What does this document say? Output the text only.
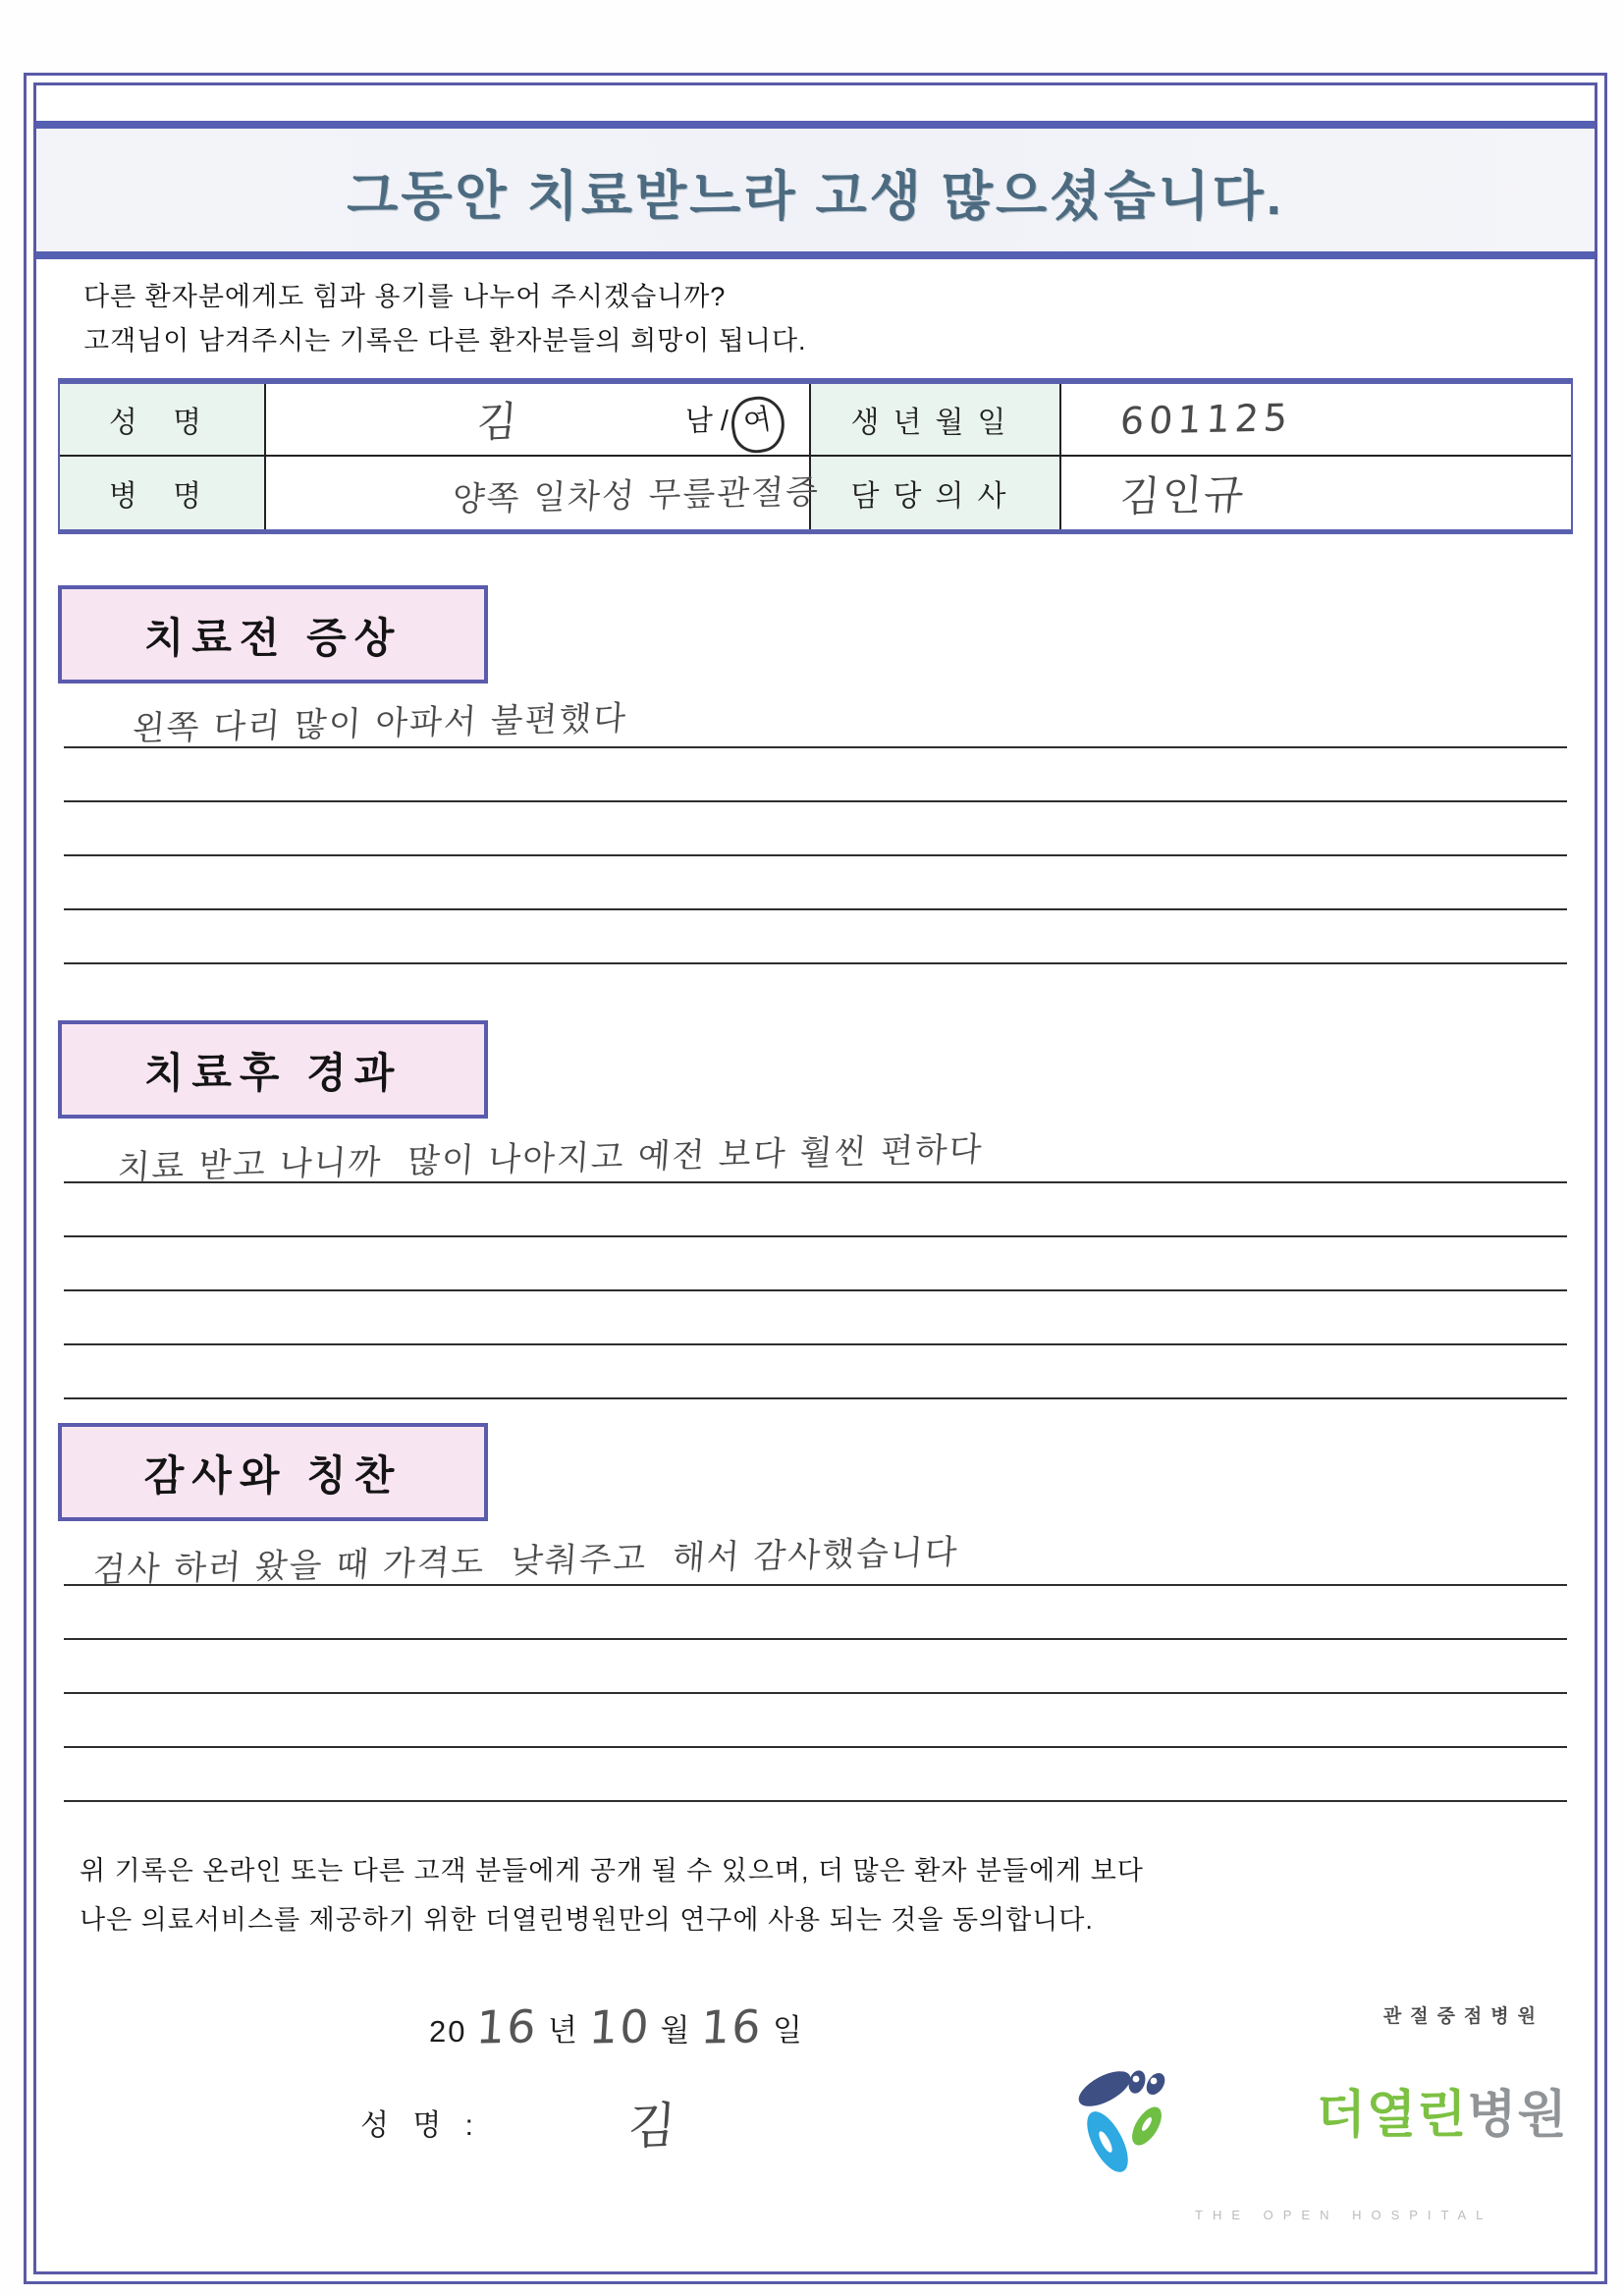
그동안 치료받느라 고생 많으셨습니다.
다른 환자분에게도 힘과 용기를 나누어 주시겠습니까?
고객님이 남겨주시는 기록은 다른 환자분들의 희망이 됩니다.
성 명	김	남 / 여	생년월일	601125
병 명	양쪽 일차성 무릎관절증	담당의사	김인규
치료전 증상
왼쪽 다리 많이 아파서 불편했다
치료후 경과
치료 받고 나니까  많이 나아지고 예전 보다 훨씬 편하다
감사와 칭찬
검사 하러 왔을 때 가격도  낮춰주고  해서 감사했습니다
위 기록은 온라인 또는 다른 고객 분들에게 공개 될 수 있으며, 더 많은 환자 분들에게 보다
나은 의료서비스를 제공하기 위한 더열린병원만의 연구에 사용 되는 것을 동의합니다.
20 16 년 10 월 16 일
성 명 :	김
관절중점병원

더열린병원

THE OPEN HOSPITAL
